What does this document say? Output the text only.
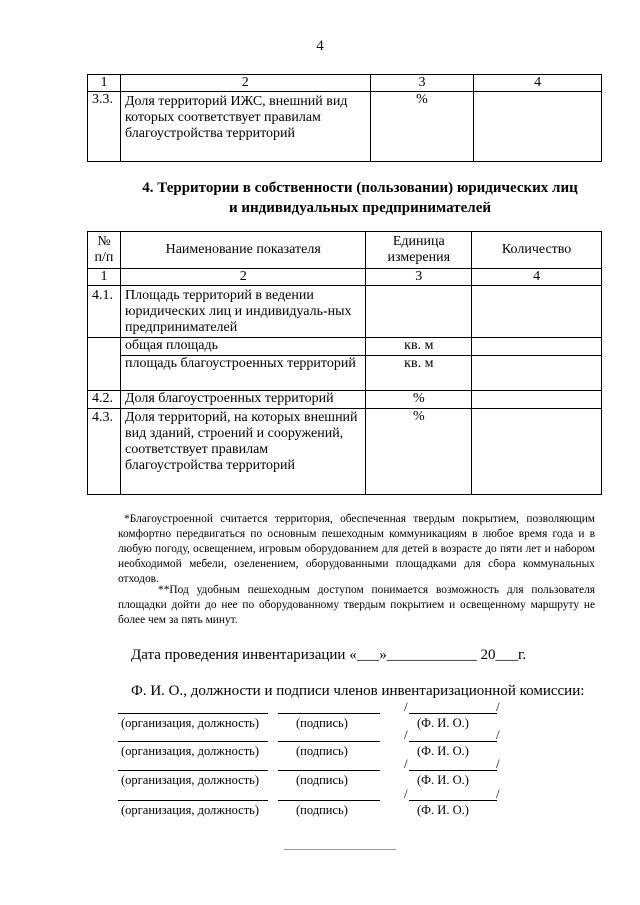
4
1	2	3	4
3.3.	Доля территорий ИЖС, внешний вид которых соответствует правилам благоустройства территорий	%	
4. Территории в собственности (пользовании) юридических лиц
и индивидуальных предпринимателей
№ п/п	Наименование показателя	Единица измерения	Количество
1	2	3	4
4.1.	Площадь территорий в ведении юридических лиц и индивидуаль-ных предпринимателей		
	общая площадь	кв. м	
	площадь благоустроенных территорий	кв. м	
4.2.	Доля благоустроенных территорий	%	
4.3.	Доля территорий, на которых внешний вид зданий, строений и сооружений, соответствует правилам благоустройства территорий	%	
*Благоустроенной считается территория, обеспеченная твердым покрытием, позволяющим комфортно передвигаться по основным пешеходным коммуникациям в любое время года и в любую погоду, освещением, игровым оборудованием для детей в возрасте до пяти лет и набором необходимой мебели, озеленением, оборудованными площадками для сбора коммунальных отходов.
**Под удобным пешеходным доступом понимается возможность для пользователя площадки дойти до нее по оборудованному твердым покрытием и освещенному маршруту не более чем за пять минут.
Дата проведения инвентаризации «___»____________ 20___г.
Ф. И. О., должности и подписи членов инвентаризационной комиссии:
/	/
(организация, должность)	(подпись)	(Ф. И. О.)
/	/
(организация, должность)	(подпись)	(Ф. И. О.)
/	/
(организация, должность)	(подпись)	(Ф. И. О.)
/	/
(организация, должность)	(подпись)	(Ф. И. О.)
